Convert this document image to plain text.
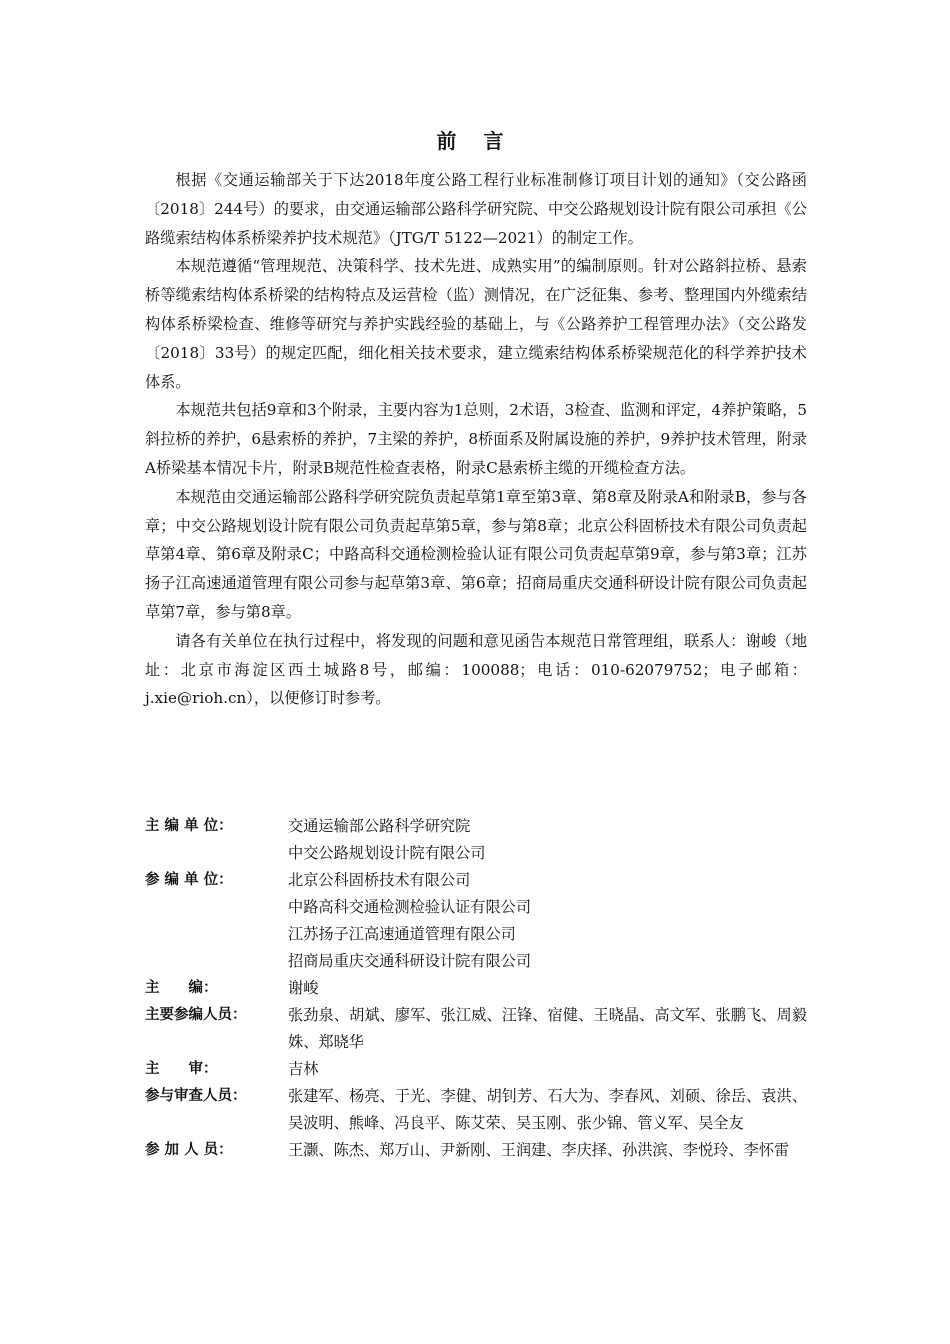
前 言

根据《交通运输部关于下达2018年度公路工程行业标准制修订项目计划的通知》（交公路函〔2018〕244号）的要求，由交通运输部公路科学研究院、中交公路规划设计院有限公司承担《公路缆索结构体系桥梁养护技术规范》（JTG/T 5122—2021）的制定工作。

本规范遵循“管理规范、决策科学、技术先进、成熟实用”的编制原则。针对公路斜拉桥、悬索桥等缆索结构体系桥梁的结构特点及运营检（监）测情况，在广泛征集、参考、整理国内外缆索结构体系桥梁检查、维修等研究与养护实践经验的基础上，与《公路养护工程管理办法》（交公路发〔2018〕33号）的规定匹配，细化相关技术要求，建立缆索结构体系桥梁规范化的科学养护技术体系。

本规范共包括9章和3个附录，主要内容为1总则，2术语，3检查、监测和评定，4养护策略，5斜拉桥的养护，6悬索桥的养护，7主梁的养护，8桥面系及附属设施的养护，9养护技术管理，附录A桥梁基本情况卡片，附录B规范性检查表格，附录C悬索桥主缆的开缆检查方法。

本规范由交通运输部公路科学研究院负责起草第1章至第3章、第8章及附录A和附录B，参与各章；中交公路规划设计院有限公司负责起草第5章，参与第8章；北京公科固桥技术有限公司负责起草第4章、第6章及附录C；中路高科交通检测检验认证有限公司负责起草第9章，参与第3章；江苏扬子江高速通道管理有限公司参与起草第3章、第6章；招商局重庆交通科研设计院有限公司负责起草第7章，参与第8章。

请各有关单位在执行过程中，将发现的问题和意见函告本规范日常管理组，联系人：谢峻（地址：北京市海淀区西土城路8号，邮编：100088；电话：010-62079752；电子邮箱：j.xie@rioh.cn），以便修订时参考。

主 编 单 位：	交通运输部公路科学研究院
中交公路规划设计院有限公司
参 编 单 位：	北京公科固桥技术有限公司
中路高科交通检测检验认证有限公司
江苏扬子江高速通道管理有限公司
招商局重庆交通科研设计院有限公司
主　　编：	谢峻
主要参编人员：	张劲泉、胡斌、廖军、张江威、汪锋、宿健、王晓晶、高文军、张鹏飞、周毅姝、郑晓华
主　　审：	吉林
参与审查人员：	张建军、杨亮、于光、李健、胡钊芳、石大为、李春风、刘硕、徐岳、袁洪、吴波明、熊峰、冯良平、陈艾荣、吴玉刚、张少锦、管义军、吴全友
参 加 人 员：	王灏、陈杰、郑万山、尹新刚、王润建、李庆择、孙洪滨、李悦玲、李怀雷
